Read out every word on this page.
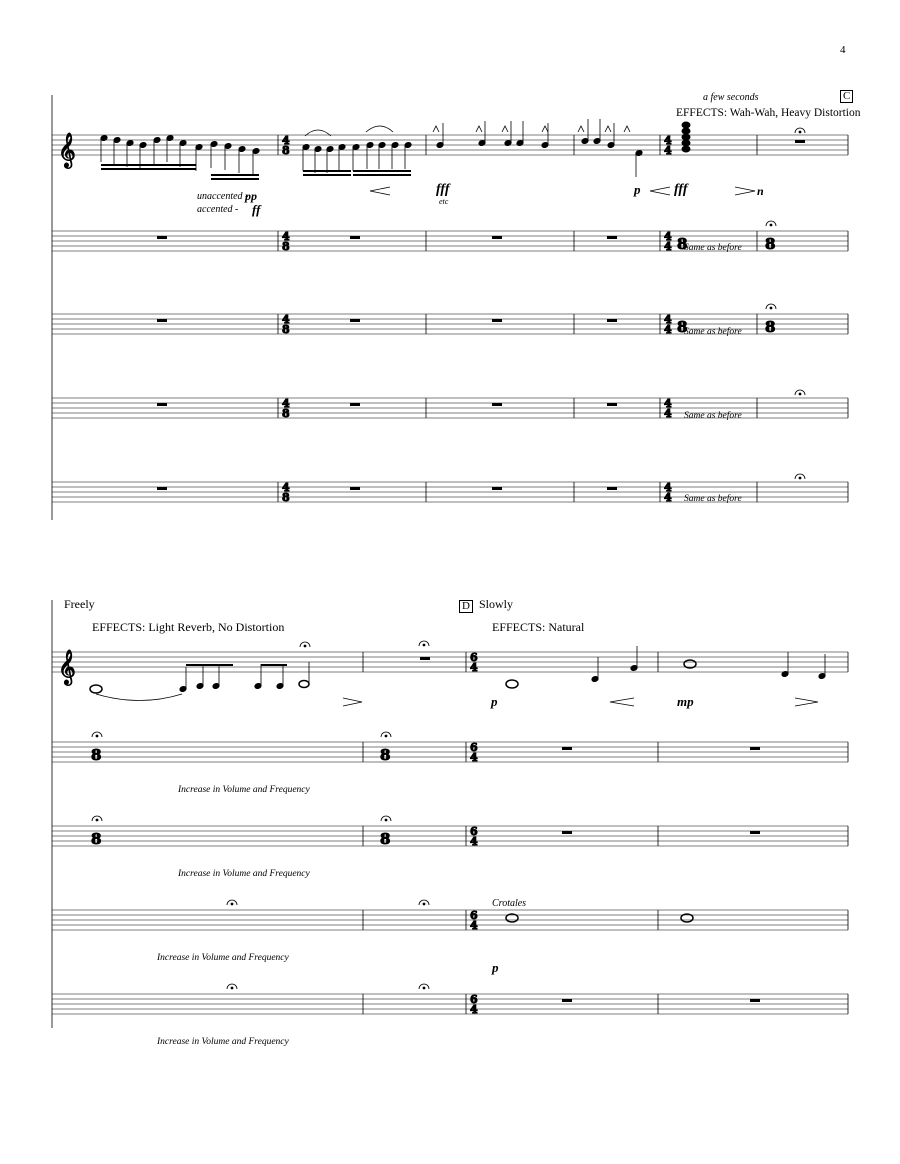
𝄞
𝄞
4
8
4
4
4
8
4
4
4
8
4
4
4
8
4
4
4
8
4
4
6
4
6
4
6
4
6
4
6
4
8
8
8
8
8	8
8	8
4
a few seconds	C
EFFECTS: Wah-Wah, Heavy Distortion
unaccented -
pp
accented - ff
fff
etc
p fff	n
Same as before
Same as before
Same as before
Same as before
Freely
EFFECTS: Light Reverb, No Distortion
D Slowly
EFFECTS: Natural
p	mp
Increase in Volume and Frequency
Increase in Volume and Frequency
Increase in Volume and Frequency
Increase in Volume and Frequency
Crotales
p
